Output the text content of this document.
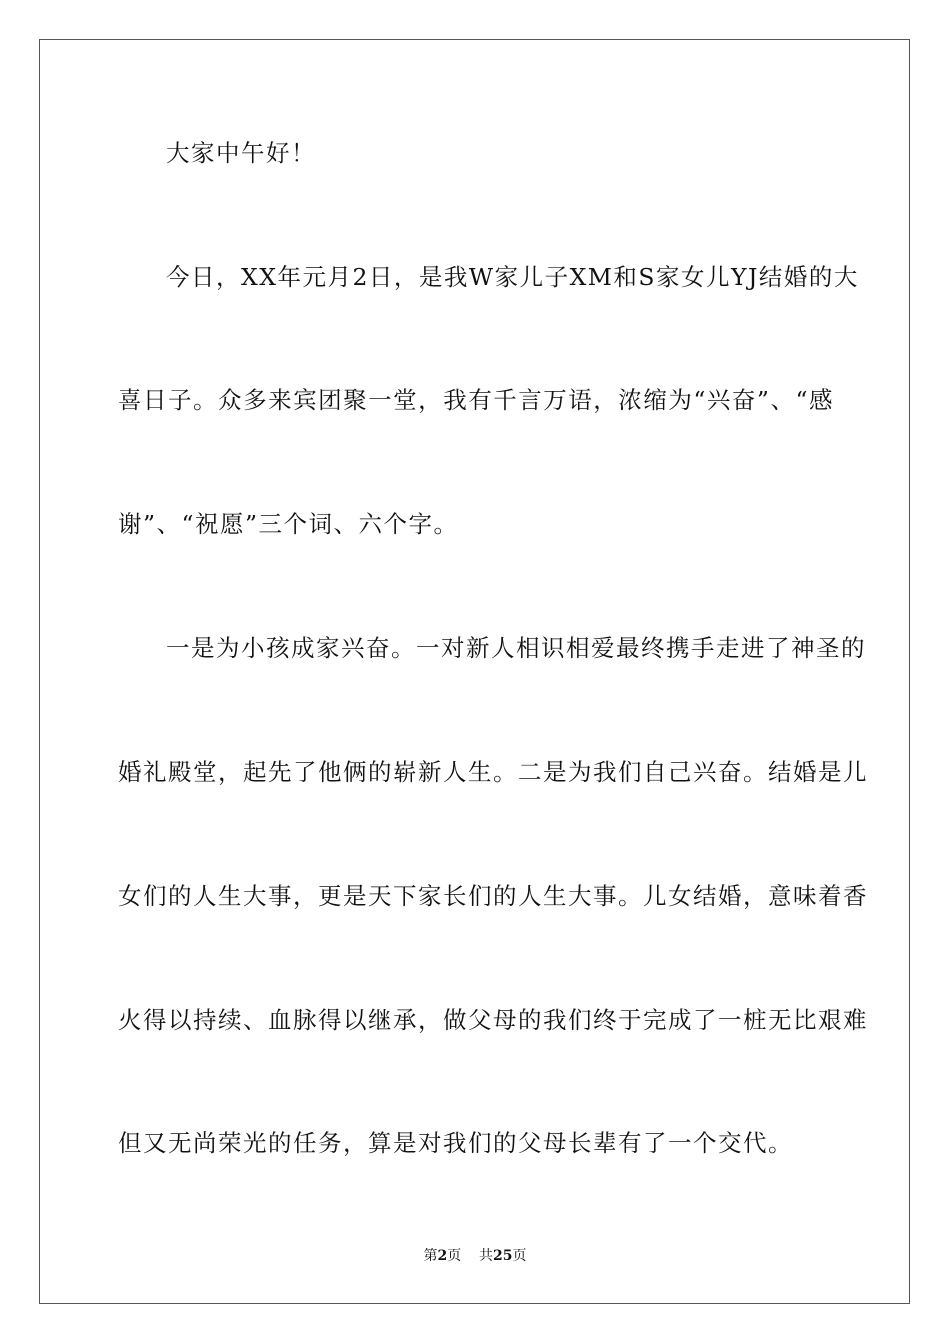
大家中午好！
今日，XX年元月2日，是我W家儿子XM和S家女儿YJ结婚的大
喜日子。众多来宾团聚一堂，我有千言万语，浓缩为“兴奋”、“感
谢”、“祝愿”三个词、六个字。
一是为小孩成家兴奋。一对新人相识相爱最终携手走进了神圣的
婚礼殿堂，起先了他俩的崭新人生。二是为我们自己兴奋。结婚是儿
女们的人生大事，更是天下家长们的人生大事。儿女结婚，意味着香
火得以持续、血脉得以继承，做父母的我们终于完成了一桩无比艰难
但又无尚荣光的任务，算是对我们的父母长辈有了一个交代。
第2页 共25页
